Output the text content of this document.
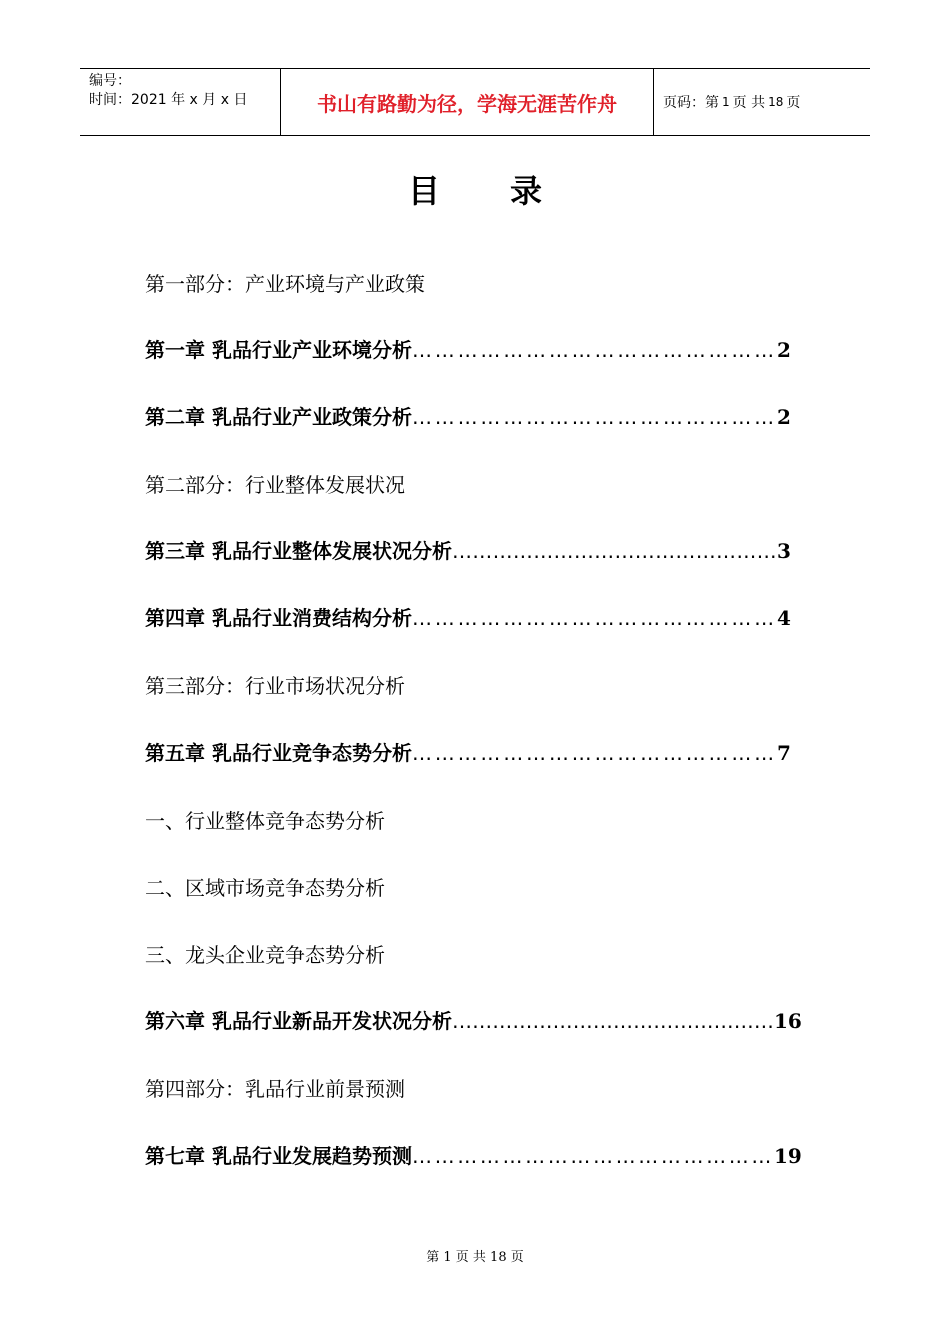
编号：
时间：2021 年 x 月 x 日	书山有路勤为径，学海无涯苦作舟	页码：第 1 页 共 18 页
目 录
第一部分：产业环境与产业政策
第一章 乳品行业产业环境分析…………………………………………2
第二章 乳品行业产业政策分析…………………………………………2
第二部分：行业整体发展状况
第三章 乳品行业整体发展状况分析…………………………………………3
第四章 乳品行业消费结构分析…………………………………………4
第三部分：行业市场状况分析
第五章 乳品行业竞争态势分析…………………………………………7
一、行业整体竞争态势分析
二、区域市场竞争态势分析
三、龙头企业竞争态势分析
第六章 乳品行业新品开发状况分析…………………………………………16
第四部分：乳品行业前景预测
第七章 乳品行业发展趋势预测…………………………………………19
第 1 页 共 18 页
